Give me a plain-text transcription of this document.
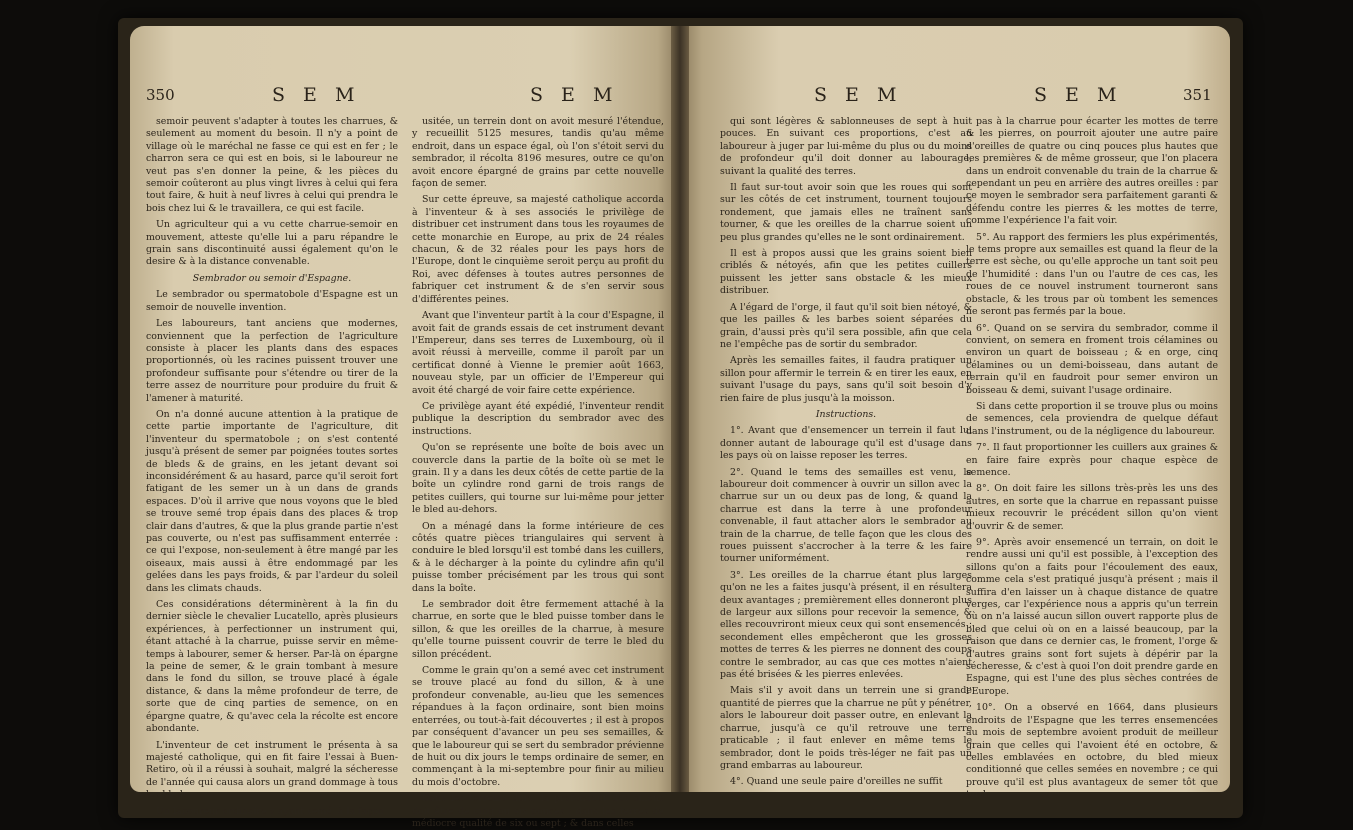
350	S E M	S E M

semoir peuvent s'adapter à toutes les charrues, & seulement au moment du besoin. Il n'y a point de village où le maréchal ne fasse ce qui est en fer ; le charron sera ce qui est en bois, si le laboureur ne veut pas s'en donner la peine, & les pièces du semoir coûteront au plus vingt livres à celui qui fera tout faire, & huit à neuf livres à celui qui prendra le bois chez lui & le travaillera, ce qui est facile.

Un agriculteur qui a vu cette charrue-semoir en mouvement, atteste qu'elle lui a paru répandre le grain sans discontinuité aussi également qu'on le desire & à la distance convenable.

Sembrador ou semoir d'Espagne.

Le sembrador ou spermatobole d'Espagne est un semoir de nouvelle invention.

Les laboureurs, tant anciens que modernes, conviennent que la perfection de l'agriculture consiste à placer les plants dans des espaces proportionnés, où les racines puissent trouver une profondeur suffisante pour s'étendre ou tirer de la terre assez de nourriture pour produire du fruit & l'amener à maturité.

On n'a donné aucune attention à la pratique de cette partie importante de l'agriculture, dit l'inventeur du spermatobole ; on s'est contenté jusqu'à présent de semer par poignées toutes sortes de bleds & de grains, en les jetant devant soi inconsidérément & au hasard, parce qu'il seroit fort fatigant de les semer un à un dans de grands espaces. D'où il arrive que nous voyons que le bled se trouve semé trop épais dans des places & trop clair dans d'autres, & que la plus grande partie n'est pas couverte, ou n'est pas suffisamment enterrée : ce qui l'expose, non-seulement à être mangé par les oiseaux, mais aussi à être endommagé par les gelées dans les pays froids, & par l'ardeur du soleil dans les climats chauds.

Ces considérations déterminèrent à la fin du dernier siècle le chevalier Lucatello, après plusieurs expériences, à perfectionner un instrument qui, étant attaché à la charrue, puisse servir en même-temps à labourer, semer & herser. Par-là on épargne la peine de semer, & le grain tombant à mesure dans le fond du sillon, se trouve placé à égale distance, & dans la même profondeur de terre, de sorte que de cinq parties de semence, on en épargne quatre, & qu'avec cela la récolte est encore abondante.

L'inventeur de cet instrument le présenta à sa majesté catholique, qui en fit faire l'essai à Buen-Retiro, où il a réussi à souhait, malgré la sécheresse de l'année qui causa alors un grand dommage à tous les bleds.

Un laboureur ordinaire y ayant semé, à la façon

usitée, un terrein dont on avoit mesuré l'étendue, y recueillit 5125 mesures, tandis qu'au même endroit, dans un espace égal, où l'on s'étoit servi du sembrador, il récolta 8196 mesures, outre ce qu'on avoit encore épargné de grains par cette nouvelle façon de semer.

Sur cette épreuve, sa majesté catholique accorda à l'inventeur & à ses associés le privilège de distribuer cet instrument dans tous les royaumes de cette monarchie en Europe, au prix de 24 réales chacun, & de 32 réales pour les pays hors de l'Europe, dont le cinquième seroit perçu au profit du Roi, avec défenses à toutes autres personnes de fabriquer cet instrument & de s'en servir sous d'différentes peines.

Avant que l'inventeur partît à la cour d'Espagne, il avoit fait de grands essais de cet instrument devant l'Empereur, dans ses terres de Luxembourg, où il avoit réussi à merveille, comme il paroît par un certificat donné à Vienne le premier août 1663, nouveau style, par un officier de l'Empereur qui avoit été chargé de voir faire cette expérience.

Ce privilège ayant été expédié, l'inventeur rendit publique la description du sembrador avec des instructions.

Qu'on se représente une boîte de bois avec un couvercle dans la partie de la boîte où se met le grain. Il y a dans les deux côtés de cette partie de la boîte un cylindre rond garni de trois rangs de petites cuillers, qui tourne sur lui-même pour jetter le bled au-dehors.

On a ménagé dans la forme intérieure de ces côtés quatre pièces triangulaires qui servent à conduire le bled lorsqu'il est tombé dans les cuillers, & à le décharger à la pointe du cylindre afin qu'il puisse tomber précisément par les trous qui sont dans la boîte.

Le sembrador doit être fermement attaché à la charrue, en sorte que le bled puisse tomber dans le sillon, & que les oreilles de la charrue, à mesure qu'elle tourne puissent couvrir de terre le bled du sillon précédent.

Comme le grain qu'on a semé avec cet instrument se trouve placé au fond du sillon, & à une profondeur convenable, au-lieu que les semences répandues à la façon ordinaire, sont bien moins enterrées, ou tout-à-fait découvertes ; il est à propos par conséquent d'avancer un peu ses semailles, & que le laboureur qui se sert du sembrador prévienne de huit ou dix jours le temps ordinaire de semer, en commençant à la mi-septembre pour finir au milieu du mois d'octobre.

Dans les terreins durs, la profondeur des sillons doit être de cinq ou six pouces ; dans les terres de médiocre qualité de six ou sept ; & dans celles

S E M	S E M	351

qui sont légères & sablonneuses de sept à huit pouces. En suivant ces proportions, c'est au laboureur à juger par lui-même du plus ou du moins de profondeur qu'il doit donner au labourage, suivant la qualité des terres.

Il faut sur-tout avoir soin que les roues qui sont sur les côtés de cet instrument, tournent toujours rondement, que jamais elles ne traînent sans tourner, & que les oreilles de la charrue soient un peu plus grandes qu'elles ne le sont ordinairement.

Il est à propos aussi que les grains soient bien criblés & nétoyés, afin que les petites cuillers puissent les jetter sans obstacle & les mieux distribuer.

A l'égard de l'orge, il faut qu'il soit bien nétoyé, & que les pailles & les barbes soient séparées du grain, d'aussi près qu'il sera possible, afin que cela ne l'empêche pas de sortir du sembrador.

Après les semailles faites, il faudra pratiquer un sillon pour affermir le terrein & en tirer les eaux, en suivant l'usage du pays, sans qu'il soit besoin d'y rien faire de plus jusqu'à la moisson.

Instructions.

1°. Avant que d'ensemencer un terrein il faut lui donner autant de labourage qu'il est d'usage dans les pays où on laisse reposer les terres.

2°. Quand le tems des semailles est venu, le laboureur doit commencer à ouvrir un sillon avec la charrue sur un ou deux pas de long, & quand la charrue est dans la terre à une profondeur convenable, il faut attacher alors le sembrador au train de la charrue, de telle façon que les clous des roues puissent s'accrocher à la terre & les faire tourner uniformément.

3°. Les oreilles de la charrue étant plus larges qu'on ne les a faites jusqu'à présent, il en résultera deux avantages ; premièrement elles donneront plus de largeur aux sillons pour recevoir la semence, & elles recouvriront mieux ceux qui sont ensemencés ; secondement elles empêcheront que les grosses mottes de terres & les pierres ne donnent des coups contre le sembrador, au cas que ces mottes n'aient pas été brisées & les pierres enlevées.

Mais s'il y avoit dans un terrein une si grande quantité de pierres que la charrue ne pût y pénétrer, alors le laboureur doit passer outre, en enlevant la charrue, jusqu'à ce qu'il retrouve une terre praticable ; il faut enlever en même tems le sembrador, dont le poids très-léger ne fait pas un grand embarras au laboureur.

4°. Quand une seule paire d'oreilles ne suffit

pas à la charrue pour écarter les mottes de terre & les pierres, on pourroit ajouter une autre paire d'oreilles de quatre ou cinq pouces plus hautes que les premières & de même grosseur, que l'on placera dans un endroit convenable du train de la charrue & cependant un peu en arrière des autres oreilles : par ce moyen le sembrador sera parfaitement garanti & défendu contre les pierres & les mottes de terre, comme l'expérience l'a fait voir.

5°. Au rapport des fermiers les plus expérimentés, le tems propre aux semailles est quand la fleur de la terre est sèche, ou qu'elle approche un tant soit peu de l'humidité : dans l'un ou l'autre de ces cas, les roues de ce nouvel instrument tourneront sans obstacle, & les trous par où tombent les semences ne seront pas fermés par la boue.

6°. Quand on se servira du sembrador, comme il convient, on semera en froment trois célamines ou environ un quart de boisseau ; & en orge, cinq célamines ou un demi-boisseau, dans autant de terrain qu'il en faudroit pour semer environ un boisseau & demi, suivant l'usage ordinaire.

Si dans cette proportion il se trouve plus ou moins de semences, cela proviendra de quelque défaut dans l'instrument, ou de la négligence du laboureur.

7°. Il faut proportionner les cuillers aux graines & en faire faire exprès pour chaque espèce de semence.

8°. On doit faire les sillons très-près les uns des autres, en sorte que la charrue en repassant puisse mieux recouvrir le précédent sillon qu'on vient d'ouvrir & de semer.

9°. Après avoir ensemencé un terrain, on doit le rendre aussi uni qu'il est possible, à l'exception des sillons qu'on a faits pour l'écoulement des eaux, comme cela s'est pratiqué jusqu'à présent ; mais il suffira d'en laisser un à chaque distance de quatre verges, car l'expérience nous a appris qu'un terrein où on n'a laissé aucun sillon ouvert rapporte plus de bled que celui où on en a laissé beaucoup, par la raison que dans ce dernier cas, le froment, l'orge & d'autres grains sont fort sujets à dépérir par la sécheresse, & c'est à quoi l'on doit prendre garde en Espagne, qui est l'une des plus sèches contrées de l'Europe.

10°. On a observé en 1664, dans plusieurs endroits de l'Espagne que les terres ensemencées au mois de septembre avoient produit de meilleur grain que celles qui l'avoient été en octobre, & celles emblavées en octobre, du bled mieux conditionné que celles semées en novembre ; ce qui prouve qu'il est plus avantageux de semer tôt que tard.
